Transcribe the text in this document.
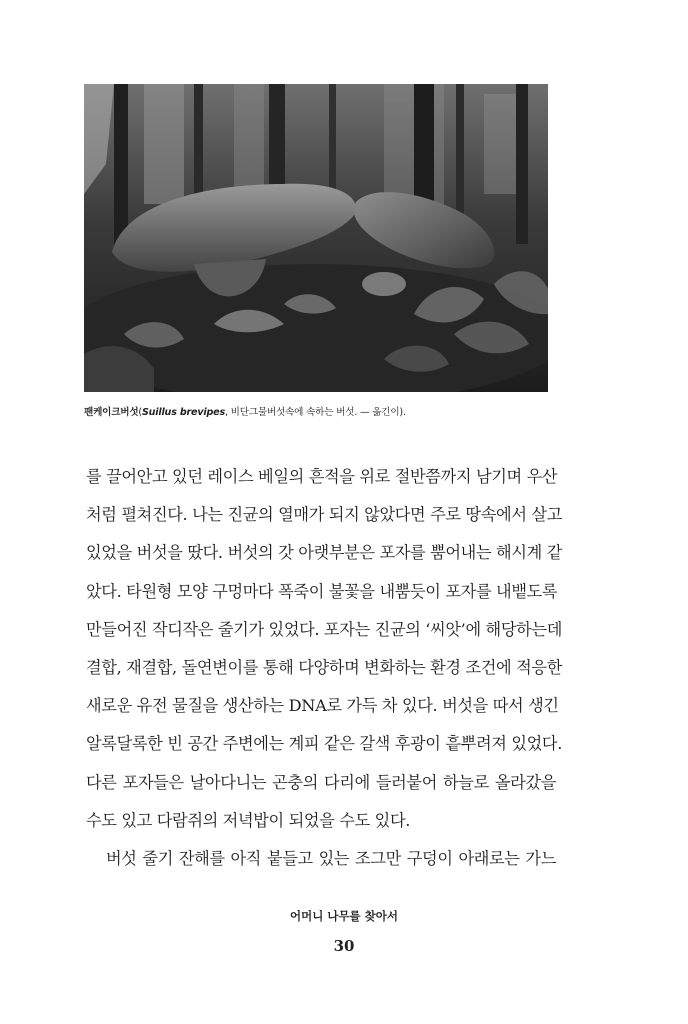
팬케이크버섯(Suillus brevipes, 비단그물버섯속에 속하는 버섯. — 옮긴이).
를 끌어안고 있던 레이스 베일의 흔적을 위로 절반쯤까지 남기며 우산
처럼 펼쳐진다. 나는 진균의 열매가 되지 않았다면 주로 땅속에서 살고
있었을 버섯을 땄다. 버섯의 갓 아랫부분은 포자를 뿜어내는 해시계 같
았다. 타원형 모양 구멍마다 폭죽이 불꽃을 내뿜듯이 포자를 내뱉도록
만들어진 작디작은 줄기가 있었다. 포자는 진균의 ‘씨앗’에 해당하는데
결합, 재결합, 돌연변이를 통해 다양하며 변화하는 환경 조건에 적응한
새로운 유전 물질을 생산하는 DNA로 가득 차 있다. 버섯을 따서 생긴
알록달록한 빈 공간 주변에는 계피 같은 갈색 후광이 흩뿌려져 있었다.
다른 포자들은 날아다니는 곤충의 다리에 들러붙어 하늘로 올라갔을
수도 있고 다람쥐의 저녁밥이 되었을 수도 있다.
버섯 줄기 잔해를 아직 붙들고 있는 조그만 구덩이 아래로는 가느
어머니 나무를 찾아서
30
